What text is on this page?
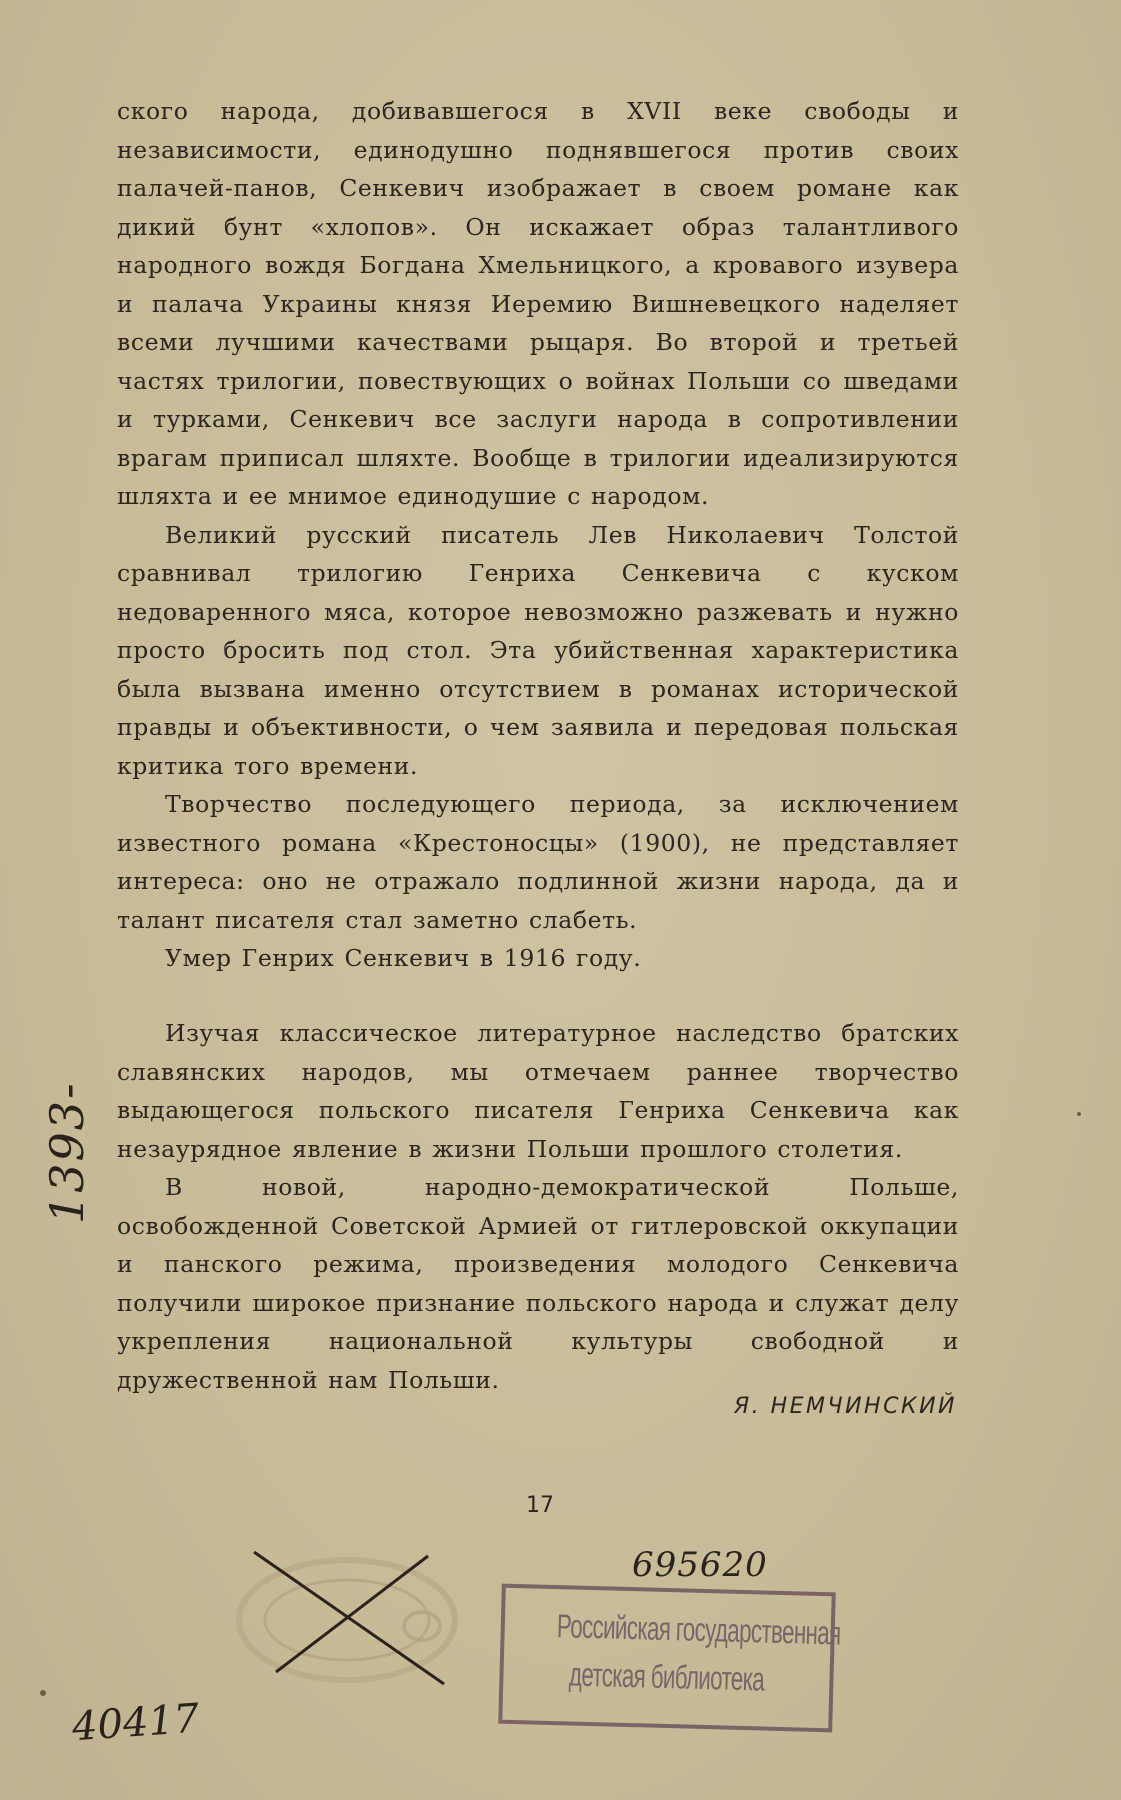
ского народа, добивавшегося в XVII веке свободы и независимости, единодушно поднявшегося против своих палачей-панов, Сенкевич изображает в своем романе как дикий бунт «хлопов». Он искажает образ талантливого народного вождя Богдана Хмельницкого, а кровавого изувера и палача Украины князя Иеремию Вишневецкого наделяет всеми лучшими качествами рыцаря. Во второй и третьей частях трилогии, повествующих о войнах Польши со шведами и турками, Сенкевич все заслуги народа в сопротивлении врагам приписал шляхте. Вообще в трилогии идеализируются шляхта и ее мнимое единодушие с народом.

Великий русский писатель Лев Николаевич Толстой сравнивал трилогию Генриха Сенкевича с куском недоваренного мяса, которое невозможно разжевать и нужно просто бросить под стол. Эта убийственная характеристика была вызвана именно отсутствием в романах исторической правды и объективности, о чем заявила и передовая польская критика того времени.

Творчество последующего периода, за исключением известного романа «Крестоносцы» (1900), не представляет интереса: оно не отражало подлинной жизни народа, да и талант писателя стал заметно слабеть.

Умер Генрих Сенкевич в 1916 году.

Изучая классическое литературное наследство братских славянских народов, мы отмечаем раннее творчество выдающегося польского писателя Генриха Сенкевича как незаурядное явление в жизни Польши прошлого столетия.

В новой, народно-демократической Польше, освобожденной Советской Армией от гитлеровской оккупации и панского режима, произведения молодого Сенкевича получили широкое признание польского народа и служат делу укрепления национальной культуры свободной и дружественной нам Польши.

Я. НЕМЧИНСКИЙ
17
1393-
695620
40417
Российская государственная
детская библиотека
